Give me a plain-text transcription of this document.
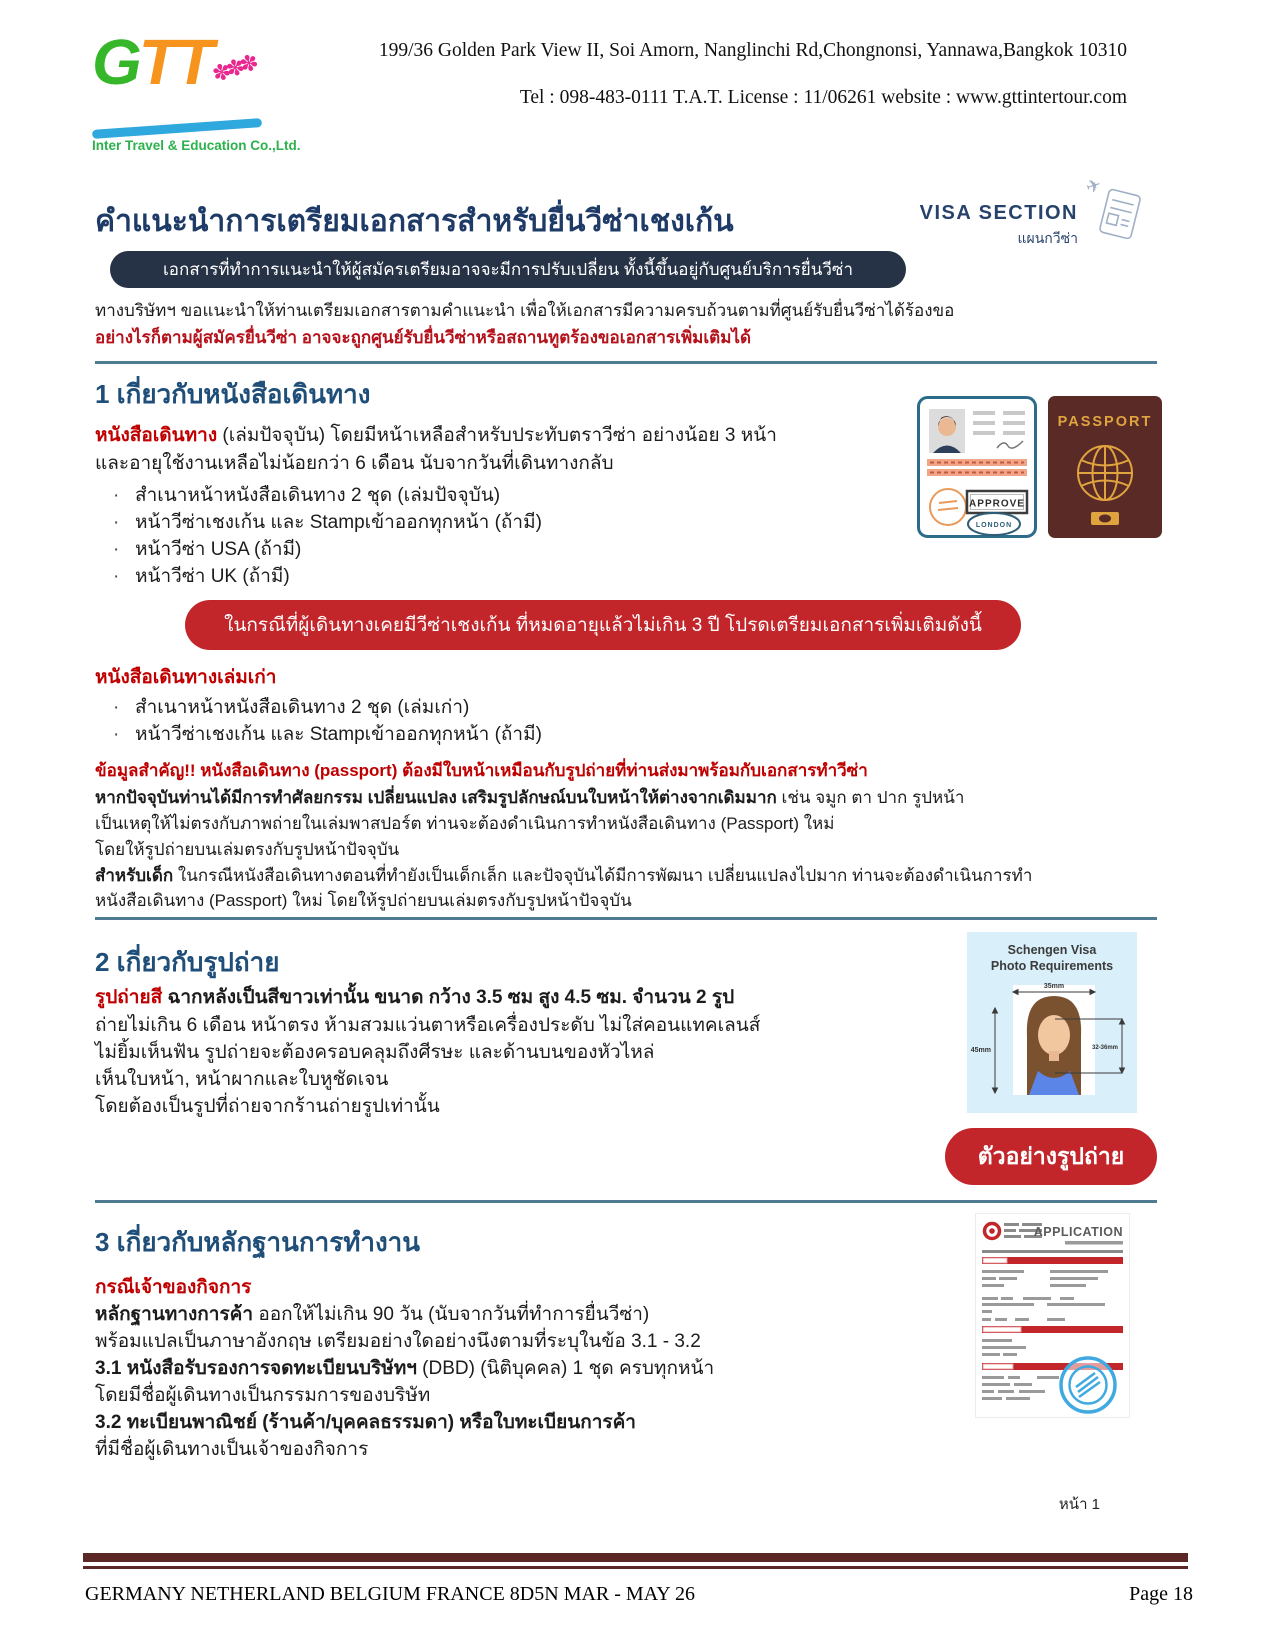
GTT
✽✽✽
Inter Travel & Education Co.,Ltd.
199/36 Golden Park View II, Soi Amorn, Nanglinchi Rd,Chongnonsi, Yannawa,Bangkok 10310
Tel : 098-483-0111 T.A.T. License : 11/06261 website : www.gttintertour.com
คำแนะนำการเตรียมเอกสารสำหรับยื่นวีซ่าเชงเก้น	VISA SECTION
แผนกวีซ่า
✈
เอกสารที่ทำการแนะนำให้ผู้สมัครเตรียมอาจจะมีการปรับเปลี่ยน ทั้งนี้ขึ้นอยู่กับศูนย์บริการยื่นวีซ่า
ทางบริษัทฯ ขอแนะนำให้ท่านเตรียมเอกสารตามคำแนะนำ เพื่อให้เอกสารมีความครบถ้วนตามที่ศูนย์รับยื่นวีซ่าได้ร้องขอ
อย่างไรก็ตามผู้สมัครยื่นวีซ่า อาจจะถูกศูนย์รับยื่นวีซ่าหรือสถานทูตร้องขอเอกสารเพิ่มเติมได้
1 เกี่ยวกับหนังสือเดินทาง
APPROVE
LONDON
PASSPORT
หนังสือเดินทาง (เล่มปัจจุบัน) โดยมีหน้าเหลือสำหรับประทับตราวีซ่า อย่างน้อย 3 หน้า
และอายุใช้งานเหลือไม่น้อยกว่า 6 เดือน นับจากวันที่เดินทางกลับ
· สำเนาหน้าหนังสือเดินทาง 2 ชุด (เล่มปัจจุบัน)
· หน้าวีซ่าเชงเก้น และ Stampเข้าออกทุกหน้า (ถ้ามี)
· หน้าวีซ่า USA (ถ้ามี)
· หน้าวีซ่า UK (ถ้ามี)
ในกรณีที่ผู้เดินทางเคยมีวีซ่าเชงเก้น ที่หมดอายุแล้วไม่เกิน 3 ปี โปรดเตรียมเอกสารเพิ่มเติมดังนี้
หนังสือเดินทางเล่มเก่า
· สำเนาหน้าหนังสือเดินทาง 2 ชุด (เล่มเก่า)
· หน้าวีซ่าเชงเก้น และ Stampเข้าออกทุกหน้า (ถ้ามี)
ข้อมูลสำคัญ!! หนังสือเดินทาง (passport) ต้องมีใบหน้าเหมือนกับรูปถ่ายที่ท่านส่งมาพร้อมกับเอกสารทำวีซ่า
หากปัจจุบันท่านได้มีการทำศัลยกรรม เปลี่ยนแปลง เสริมรูปลักษณ์บนใบหน้าให้ต่างจากเดิมมาก เช่น จมูก ตา ปาก รูปหน้า
เป็นเหตุให้ไม่ตรงกับภาพถ่ายในเล่มพาสปอร์ต ท่านจะต้องดำเนินการทำหนังสือเดินทาง (Passport) ใหม่
โดยให้รูปถ่ายบนเล่มตรงกับรูปหน้าปัจจุบัน
สำหรับเด็ก ในกรณีหนังสือเดินทางตอนที่ทำยังเป็นเด็กเล็ก และปัจจุบันได้มีการพัฒนา เปลี่ยนแปลงไปมาก ท่านจะต้องดำเนินการทำ
หนังสือเดินทาง (Passport) ใหม่ โดยให้รูปถ่ายบนเล่มตรงกับรูปหน้าปัจจุบัน
2 เกี่ยวกับรูปถ่าย
รูปถ่ายสี ฉากหลังเป็นสีขาวเท่านั้น ขนาด กว้าง 3.5 ซม สูง 4.5 ซม. จำนวน 2 รูป
ถ่ายไม่เกิน 6 เดือน หน้าตรง ห้ามสวมแว่นตาหรือเครื่องประดับ ไม่ใส่คอนแทคเลนส์
ไม่ยิ้มเห็นฟัน รูปถ่ายจะต้องครอบคลุมถึงศีรษะ และด้านบนของหัวไหล่
เห็นใบหน้า, หน้าผากและใบหูชัดเจน
โดยต้องเป็นรูปที่ถ่ายจากร้านถ่ายรูปเท่านั้น
Schengen Visa
Photo Requirements
35mm
45mm	32-36mm
ตัวอย่างรูปถ่าย
3 เกี่ยวกับหลักฐานการทำงาน
กรณีเจ้าของกิจการ
หลักฐานทางการค้า ออกให้ไม่เกิน 90 วัน (นับจากวันที่ทำการยื่นวีซ่า)
พร้อมแปลเป็นภาษาอังกฤษ เตรียมอย่างใดอย่างนึงตามที่ระบุในข้อ 3.1 - 3.2
3.1 หนังสือรับรองการจดทะเบียนบริษัทฯ (DBD) (นิติบุคคล) 1 ชุด ครบทุกหน้า
โดยมีชื่อผู้เดินทางเป็นกรรมการของบริษัท
3.2 ทะเบียนพาณิชย์ (ร้านค้า/บุคคลธรรมดา) หรือใบทะเบียนการค้า
ที่มีชื่อผู้เดินทางเป็นเจ้าของกิจการ
APPLICATION
หน้า 1
GERMANY NETHERLAND BELGIUM FRANCE 8D5N MAR - MAY 26	Page 18
